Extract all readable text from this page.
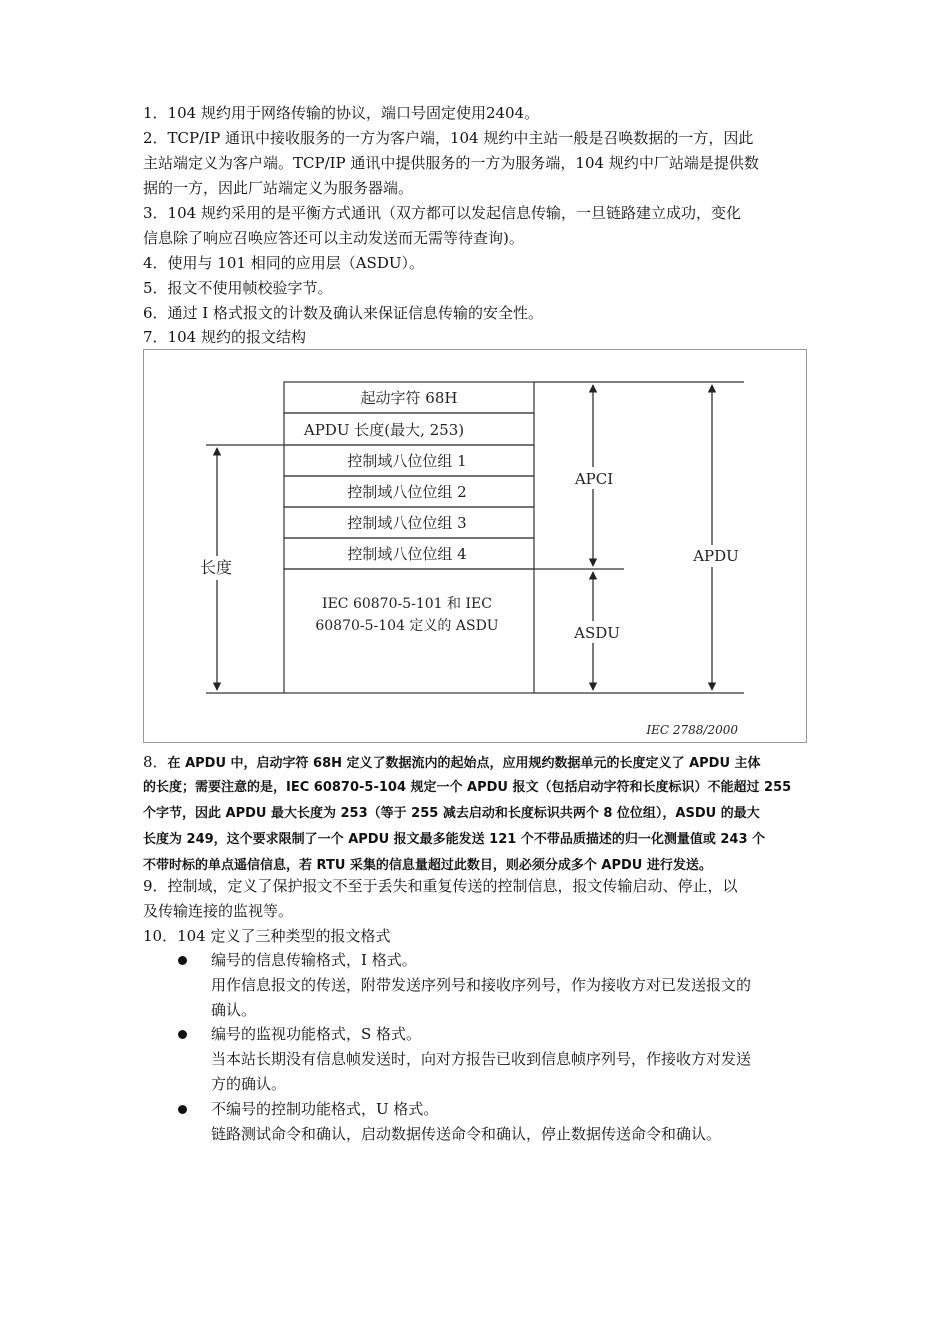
1．104 规约用于网络传输的协议，端口号固定使用2404。
2．TCP/IP 通讯中接收服务的一方为客户端，104 规约中主站一般是召唤数据的一方，因此
主站端定义为客户端。TCP/IP 通讯中提供服务的一方为服务端，104 规约中厂站端是提供数
据的一方，因此厂站端定义为服务器端。
3．104 规约采用的是平衡方式通讯（双方都可以发起信息传输，一旦链路建立成功，变化
信息除了响应召唤应答还可以主动发送而无需等待查询)。
4．使用与 101 相同的应用层（ASDU）。
5．报文不使用帧校验字节。
6．通过 I 格式报文的计数及确认来保证信息传输的安全性。
7．104 规约的报文结构
起动字符 68H
APDU 长度(最大, 253)
控制域八位位组 1
控制域八位位组 2
控制域八位位组 3
控制域八位位组 4
IEC 60870-5-101 和 IEC
60870-5-104 定义的 ASDU
长度
APCI
ASDU
APDU
IEC 2788/2000
8．在 APDU 中，启动字符 68H 定义了数据流内的起始点，应用规约数据单元的长度定义了 APDU 主体
的长度；需要注意的是，IEC 60870-5-104 规定一个 APDU 报文（包括启动字符和长度标识）不能超过 255
个字节，因此 APDU 最大长度为 253（等于 255 减去启动和长度标识共两个 8 位位组），ASDU 的最大
长度为 249，这个要求限制了一个 APDU 报文最多能发送 121 个不带品质描述的归一化测量值或 243 个
不带时标的单点遥信信息，若 RTU 采集的信息量超过此数目，则必须分成多个 APDU 进行发送。
9．控制域，定义了保护报文不至于丢失和重复传送的控制信息，报文传输启动、停止，以
及传输连接的监视等。
10．104 定义了三种类型的报文格式
编号的信息传输格式，I 格式。
用作信息报文的传送，附带发送序列号和接收序列号，作为接收方对已发送报文的
确认。
编号的监视功能格式，S 格式。
当本站长期没有信息帧发送时，向对方报告已收到信息帧序列号，作接收方对发送
方的确认。
不编号的控制功能格式，U 格式。
链路测试命令和确认，启动数据传送命令和确认，停止数据传送命令和确认。
